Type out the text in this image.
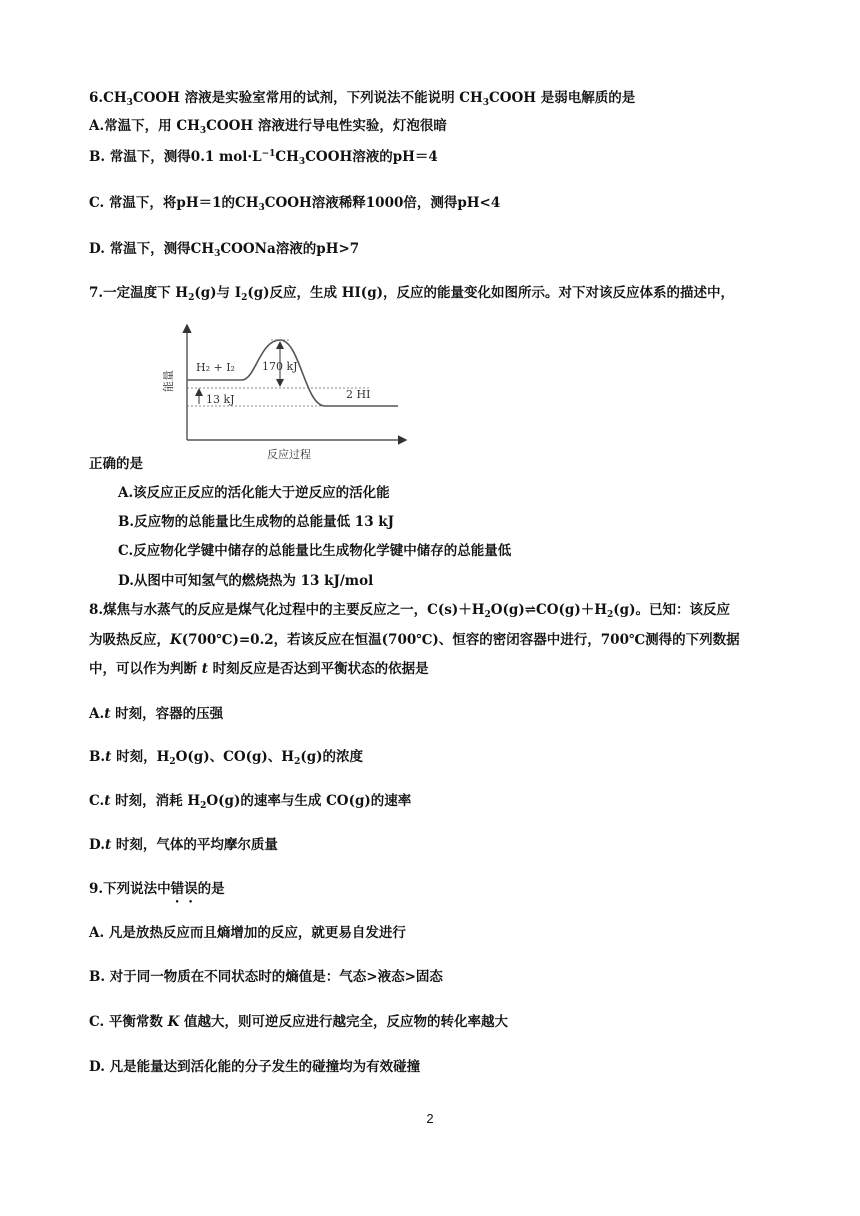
$6.CH_3COOH$ 溶液是实验室常用的试剂，下列说法不能说明 $CH_3COOH$ 是弱电解质的是
A.常温下，用 $CH_3COOH$ 溶液进行导电性实验，灯泡很暗
B. 常温下，测得0.1 $mol\cdot L^{-1}CH_3COOH$溶液的pH＝4
C. 常温下，将pH＝1的$CH_3COOH$溶液稀释1000倍，测得pH<4
D. 常温下，测得$CH_3COONa$溶液的pH>7
7.一定温度下 $H_2(g)$与 $I_2(g)$反应，生成 HI(g)，反应的能量变化如图所示。对下对该反应体系的描述中，
能量
H₂ + I₂ 170 kJ
13 kJ	2 HI
反应过程
正确的是
A.该反应正反应的活化能大于逆反应的活化能
B.反应物的总能量比生成物的总能量低 13 kJ
C.反应物化学键中储存的总能量比生成物化学键中储存的总能量低
D.从图中可知氢气的燃烧热为 13 kJ/mol
8.煤焦与水蒸气的反应是煤气化过程中的主要反应之一，$C(s)+H_2O(g)\rightleftharpoons CO(g)+H_2(g)$。已知：该反应
为吸热反应，K(700℃)=0.2，若该反应在恒温(700℃)、恒容的密闭容器中进行，700℃测得的下列数据
中，可以作为判断 t 时刻反应是否达到平衡状态的依据是
A.t 时刻，容器的压强
B.t 时刻，$H_2O(g)$、CO(g)、$H_2(g)$的浓度
C.t 时刻，消耗 $H_2O(g)$的速率与生成 CO(g)的速率
D.t 时刻，气体的平均摩尔质量
9.下列说法中错误的是
A. 凡是放热反应而且熵增加的反应，就更易自发进行
B. 对于同一物质在不同状态时的熵值是：气态>液态>固态
C. 平衡常数 K 值越大，则可逆反应进行越完全，反应物的转化率越大
D. 凡是能量达到活化能的分子发生的碰撞均为有效碰撞
2
